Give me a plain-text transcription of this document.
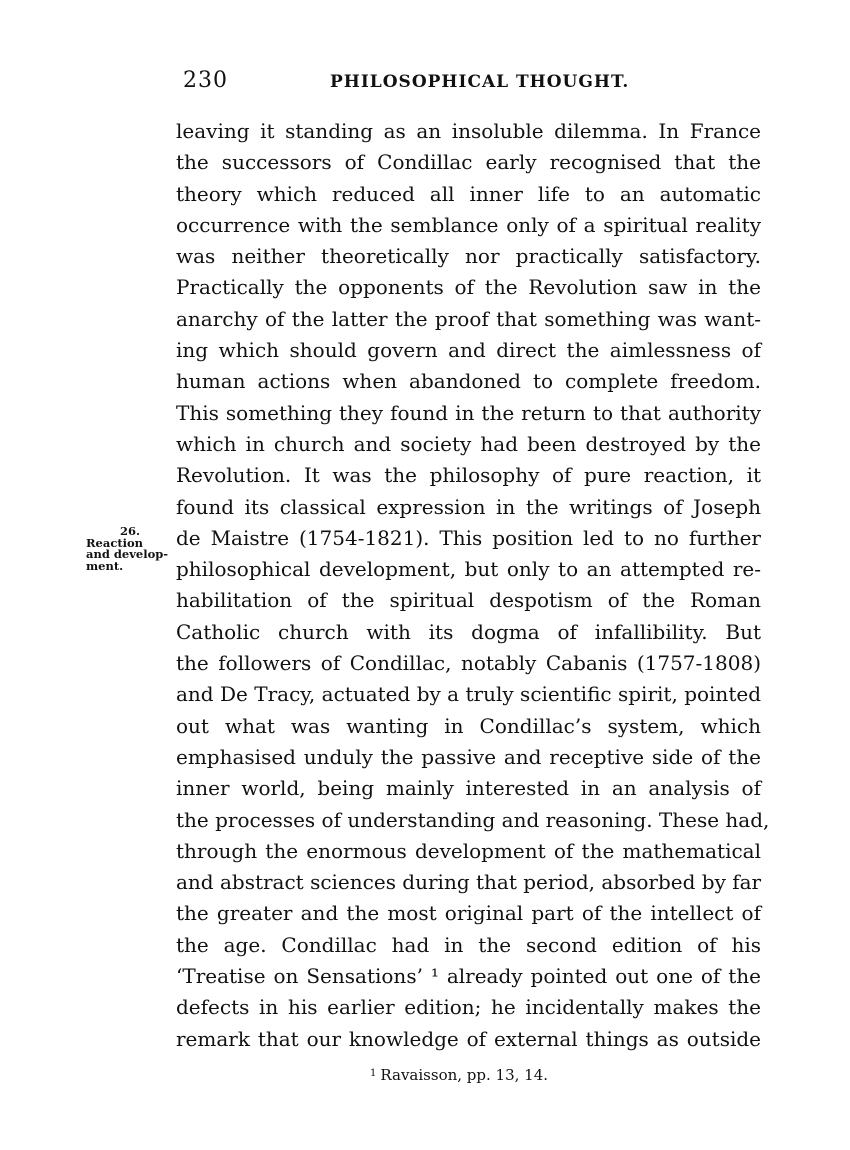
230	PHILOSOPHICAL THOUGHT.
26.
Reaction
and develop-
ment.
leaving it standing as an insoluble dilemma. In France
the successors of Condillac early recognised that the
theory which reduced all inner life to an automatic
occurrence with the semblance only of a spiritual reality
was neither theoretically nor practically satisfactory.
Practically the opponents of the Revolution saw in the
anarchy of the latter the proof that something was want-
ing which should govern and direct the aimlessness of
human actions when abandoned to complete freedom.
This something they found in the return to that authority
which in church and society had been destroyed by the
Revolution. It was the philosophy of pure reaction, it
found its classical expression in the writings of Joseph
de Maistre (1754-1821). This position led to no further
philosophical development, but only to an attempted re-
habilitation of the spiritual despotism of the Roman
Catholic church with its dogma of infallibility. But
the followers of Condillac, notably Cabanis (1757-1808)
and De Tracy, actuated by a truly scientific spirit, pointed
out what was wanting in Condillac’s system, which
emphasised unduly the passive and receptive side of the
inner world, being mainly interested in an analysis of
the processes of understanding and reasoning. These had,
through the enormous development of the mathematical
and abstract sciences during that period, absorbed by far
the greater and the most original part of the intellect of
the age. Condillac had in the second edition of his
‘Treatise on Sensations’ ¹ already pointed out one of the
defects in his earlier edition; he incidentally makes the
remark that our knowledge of external things as outside
$^1$ Ravaisson, pp. 13, 14.
